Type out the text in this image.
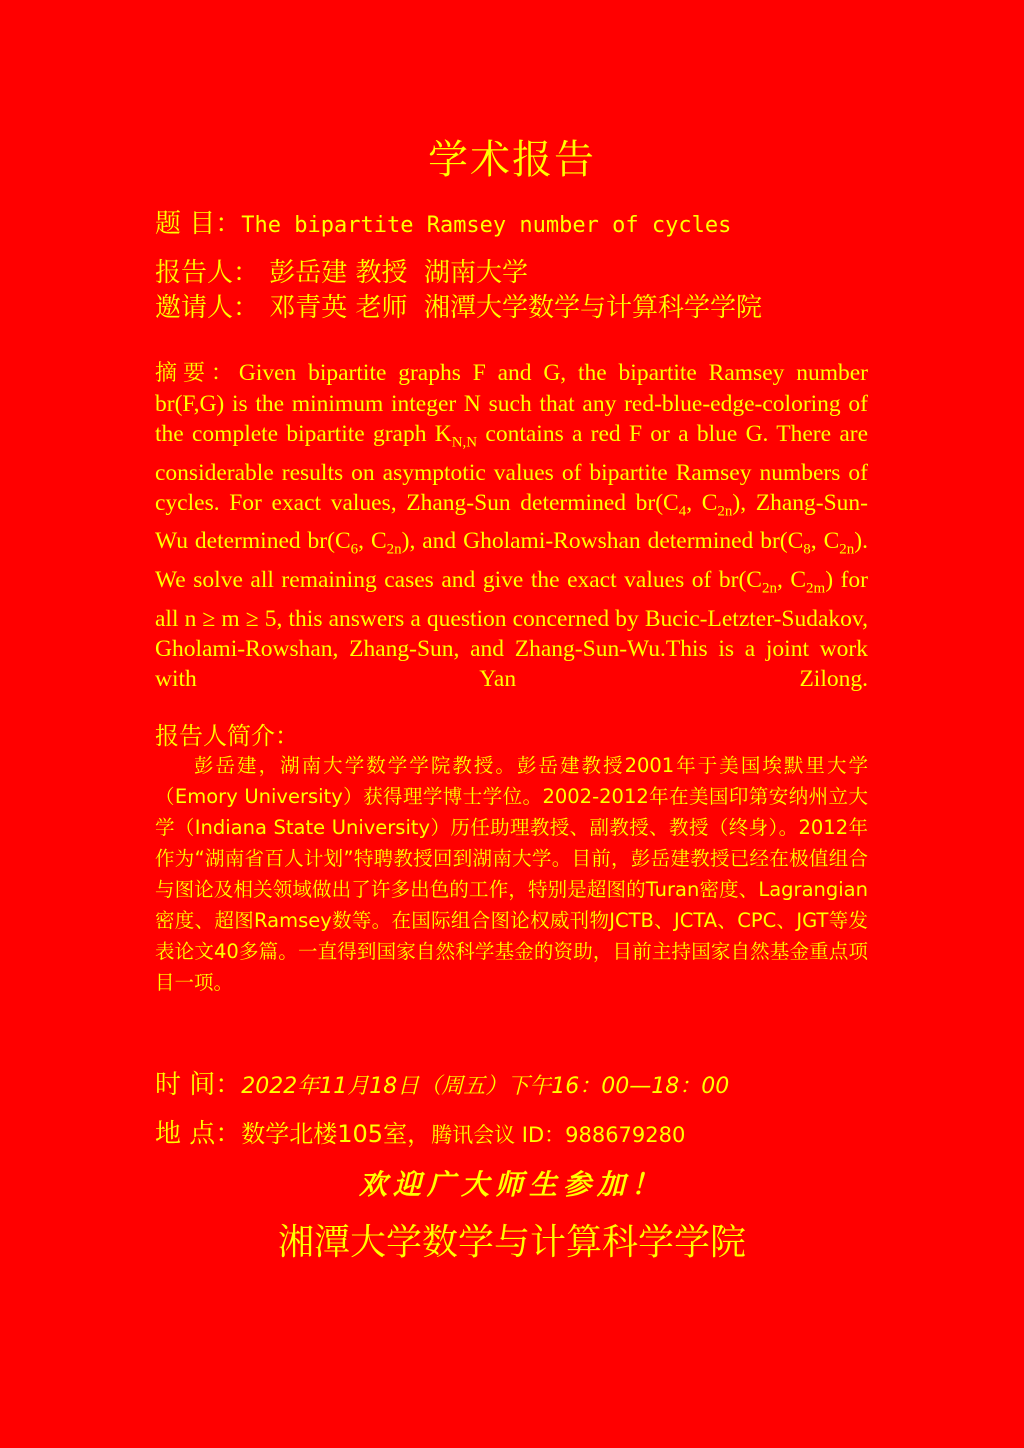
学术报告
题 目：The bipartite Ramsey number of cycles
报告人： 彭岳建 教授  湖南大学
邀请人： 邓青英 老师  湘潭大学数学与计算科学学院
摘要：Given bipartite graphs F and G, the bipartite Ramsey number br(F,G) is the minimum integer N such that any red-blue-edge-coloring of the complete bipartite graph $K_{N,N}$ contains a red F or a blue G. There are considerable results on asymptotic values of bipartite Ramsey numbers of cycles. For exact values, Zhang-Sun determined $br(C_4$, $C_{2n}$), Zhang-Sun-Wu determined $br(C_6$, $C_{2n}$), and Gholami-Rowshan determined $br(C_8$, $C_{2n}$). We solve all remaining cases and give the exact values of $br(C_{2n}$, $C_{2m}$) for all n ≥ m ≥ 5, this answers a question concerned by Bucic-Letzter-Sudakov, Gholami-Rowshan, Zhang-Sun, and Zhang-Sun-Wu.This is a joint work with Yan Zilong.
报告人简介：
彭岳建，湖南大学数学学院教授。彭岳建教授2001年于美国埃默里大学（Emory University）获得理学博士学位。2002-2012年在美国印第安纳州立大学（Indiana State University）历任助理教授、副教授、教授（终身）。2012年作为“湖南省百人计划”特聘教授回到湖南大学。目前，彭岳建教授已经在极值组合与图论及相关领域做出了许多出色的工作，特别是超图的Turan密度、Lagrangian密度、超图Ramsey数等。在国际组合图论权威刊物JCTB、JCTA、CPC、JGT等发表论文40多篇。一直得到国家自然科学基金的资助，目前主持国家自然基金重点项目一项。
时 间：2022年11月18日（周五）下午16：00—18：00
地 点：数学北楼105室，腾讯会议 ID：988679280
欢迎广大师生参加！
湘潭大学数学与计算科学学院
